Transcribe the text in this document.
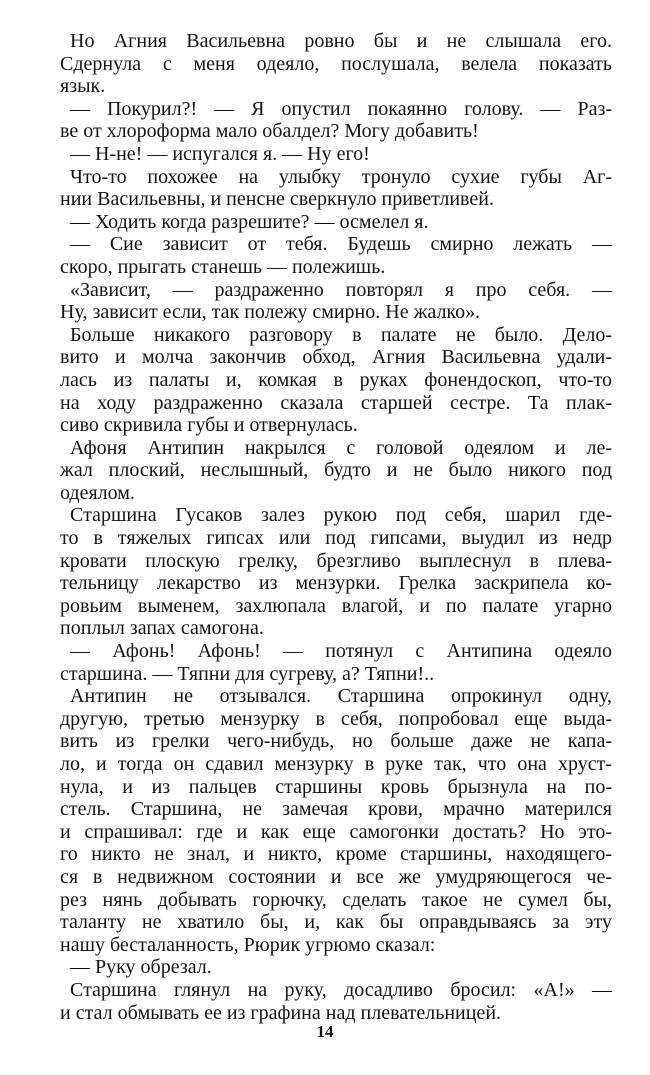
Но Агния Васильевна ровно бы и не слышала его.
Сдернула с меня одеяло, послушала, велела показать
язык.
— Покурил?! — Я опустил покаянно голову. — Раз-
ве от хлороформа мало обалдел? Могу добавить!
— Н-не! — испугался я. — Ну его!
Что-то похожее на улыбку тронуло сухие губы Аг-
нии Васильевны, и пенсне сверкнуло приветливей.
— Ходить когда разрешите? — осмелел я.
— Сие зависит от тебя. Будешь смирно лежать —
скоро, прыгать станешь — полежишь.
«Зависит, — раздраженно повторял я про себя. —
Ну, зависит если, так полежу смирно. Не жалко».
Больше никакого разговору в палате не было. Дело-
вито и молча закончив обход, Агния Васильевна удали-
лась из палаты и, комкая в руках фонендоскоп, что-то
на ходу раздраженно сказала старшей сестре. Та плак-
сиво скривила губы и отвернулась.
Афоня Антипин накрылся с головой одеялом и ле-
жал плоский, неслышный, будто и не было никого под
одеялом.
Старшина Гусаков залез рукою под себя, шарил где-
то в тяжелых гипсах или под гипсами, выудил из недр
кровати плоскую грелку, брезгливо выплеснул в плева-
тельницу лекарство из мензурки. Грелка заскрипела ко-
ровьим выменем, захлюпала влагой, и по палате угарно
поплыл запах самогона.
— Афонь! Афонь! — потянул с Антипина одеяло
старшина. — Тяпни для сугреву, а? Тяпни!..
Антипин не отзывался. Старшина опрокинул одну,
другую, третью мензурку в себя, попробовал еще выда-
вить из грелки чего-нибудь, но больше даже не капа-
ло, и тогда он сдавил мензурку в руке так, что она хруст-
нула, и из пальцев старшины кровь брызнула на по-
стель. Старшина, не замечая крови, мрачно матерился
и спрашивал: где и как еще самогонки достать? Но это-
го никто не знал, и никто, кроме старшины, находящего-
ся в недвижном состоянии и все же умудряющегося че-
рез нянь добывать горючку, сделать такое не сумел бы,
таланту не хватило бы, и, как бы оправдываясь за эту
нашу бесталанность, Рюрик угрюмо сказал:
— Руку обрезал.
Старшина глянул на руку, досадливо бросил: «А!» —
и стал обмывать ее из графина над плевательницей.
14
